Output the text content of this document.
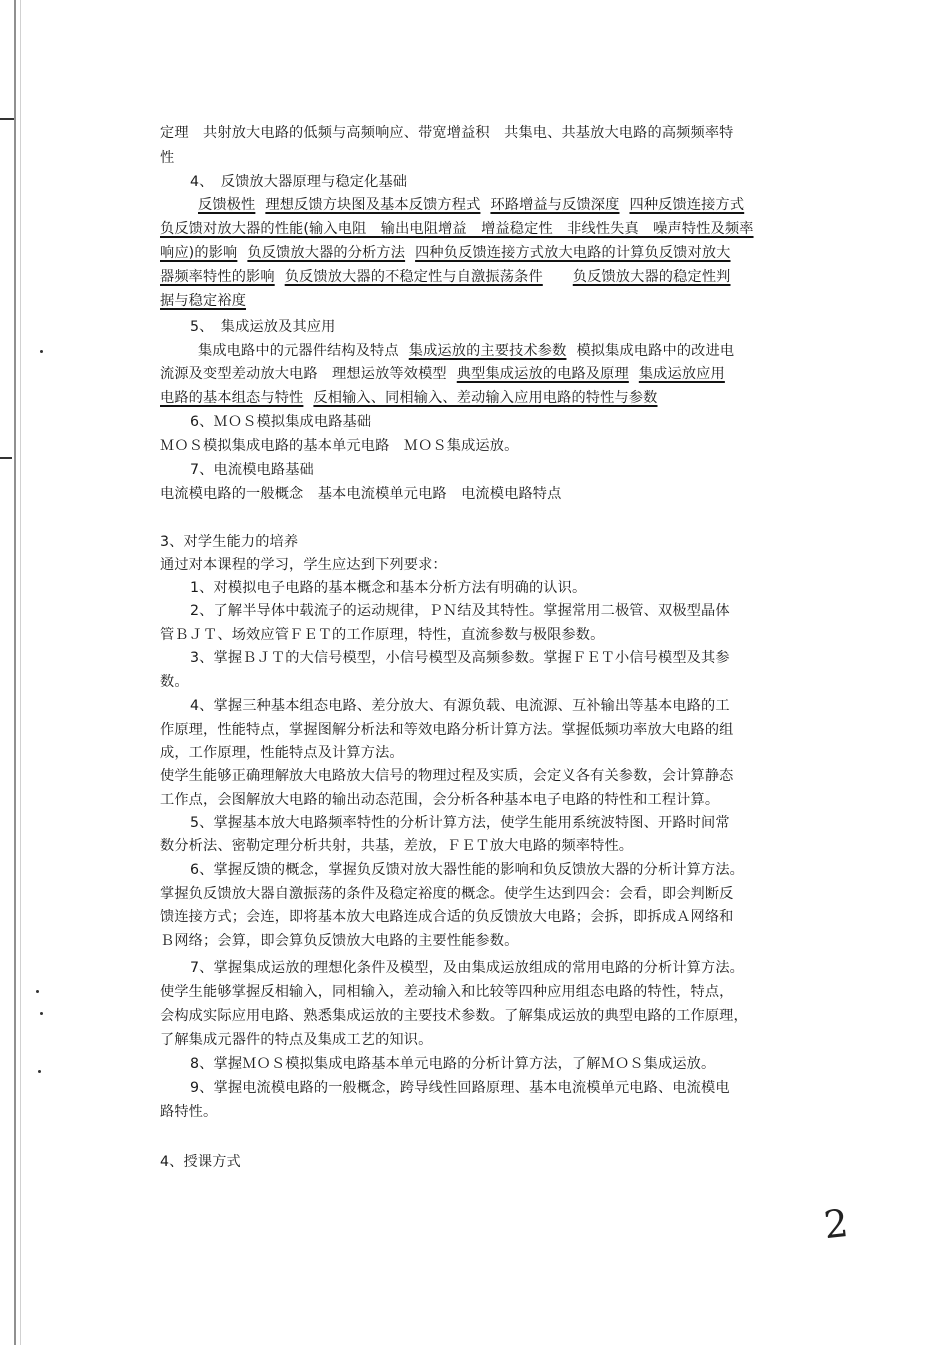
定理　共射放大电路的低频与高频响应、带宽增益积　共集电、共基放大电路的高频频率特
性
4、　反馈放大器原理与稳定化基础
反馈极性 理想反馈方块图及基本反馈方程式 环路增益与反馈深度 四种反馈连接方式
负反馈对放大器的性能(输入电阻　输出电阻增益　增益稳定性　非线性失真　噪声特性及频率
响应)的影响 负反馈放大器的分析方法 四种负反馈连接方式放大电路的计算负反馈对放大
器频率特性的影响 负反馈放大器的不稳定性与自激振荡条件 负反馈放大器的稳定性判
据与稳定裕度
5、　集成运放及其应用
集成电路中的元器件结构及特点 集成运放的主要技术参数 模拟集成电路中的改进电
流源及变型差动放大电路　理想运放等效模型 典型集成运放的电路及原理 集成运放应用
电路的基本组态与特性 反相输入、同相输入、差动输入应用电路的特性与参数
6、ＭＯＳ模拟集成电路基础
ＭＯＳ模拟集成电路的基本单元电路　ＭＯＳ集成运放。
7、电流模电路基础
电流模电路的一般概念　基本电流模单元电路　电流模电路特点
3、对学生能力的培养
通过对本课程的学习，学生应达到下列要求：
1、对模拟电子电路的基本概念和基本分析方法有明确的认识。
2、了解半导体中载流子的运动规律，ＰＮ结及其特性。掌握常用二极管、双极型晶体
管ＢＪＴ、场效应管ＦＥＴ的工作原理，特性，直流参数与极限参数。
3、掌握ＢＪＴ的大信号模型，小信号模型及高频参数。掌握ＦＥＴ小信号模型及其参
数。
4、掌握三种基本组态电路、差分放大、有源负载、电流源、互补输出等基本电路的工
作原理，性能特点，掌握图解分析法和等效电路分析计算方法。掌握低频功率放大电路的组
成，工作原理，性能特点及计算方法。
使学生能够正确理解放大电路放大信号的物理过程及实质，会定义各有关参数，会计算静态
工作点，会图解放大电路的输出动态范围，会分析各种基本电子电路的特性和工程计算。
5、掌握基本放大电路频率特性的分析计算方法，使学生能用系统波特图、开路时间常
数分析法、密勒定理分析共射，共基，差放，ＦＥＴ放大电路的频率特性。
6、掌握反馈的概念，掌握负反馈对放大器性能的影响和负反馈放大器的分析计算方法。
掌握负反馈放大器自激振荡的条件及稳定裕度的概念。使学生达到四会：会看，即会判断反
馈连接方式；会连，即将基本放大电路连成合适的负反馈放大电路；会拆，即拆成Ａ网络和
Ｂ网络；会算，即会算负反馈放大电路的主要性能参数。
7、掌握集成运放的理想化条件及模型，及由集成运放组成的常用电路的分析计算方法。
使学生能够掌握反相输入，同相输入，差动输入和比较等四种应用组态电路的特性，特点，
会构成实际应用电路、熟悉集成运放的主要技术参数。了解集成运放的典型电路的工作原理，
了解集成元器件的特点及集成工艺的知识。
8、掌握ＭＯＳ模拟集成电路基本单元电路的分析计算方法，了解ＭＯＳ集成运放。
9、掌握电流模电路的一般概念，跨导线性回路原理、基本电流模单元电路、电流模电
路特性。
4、授课方式
2
